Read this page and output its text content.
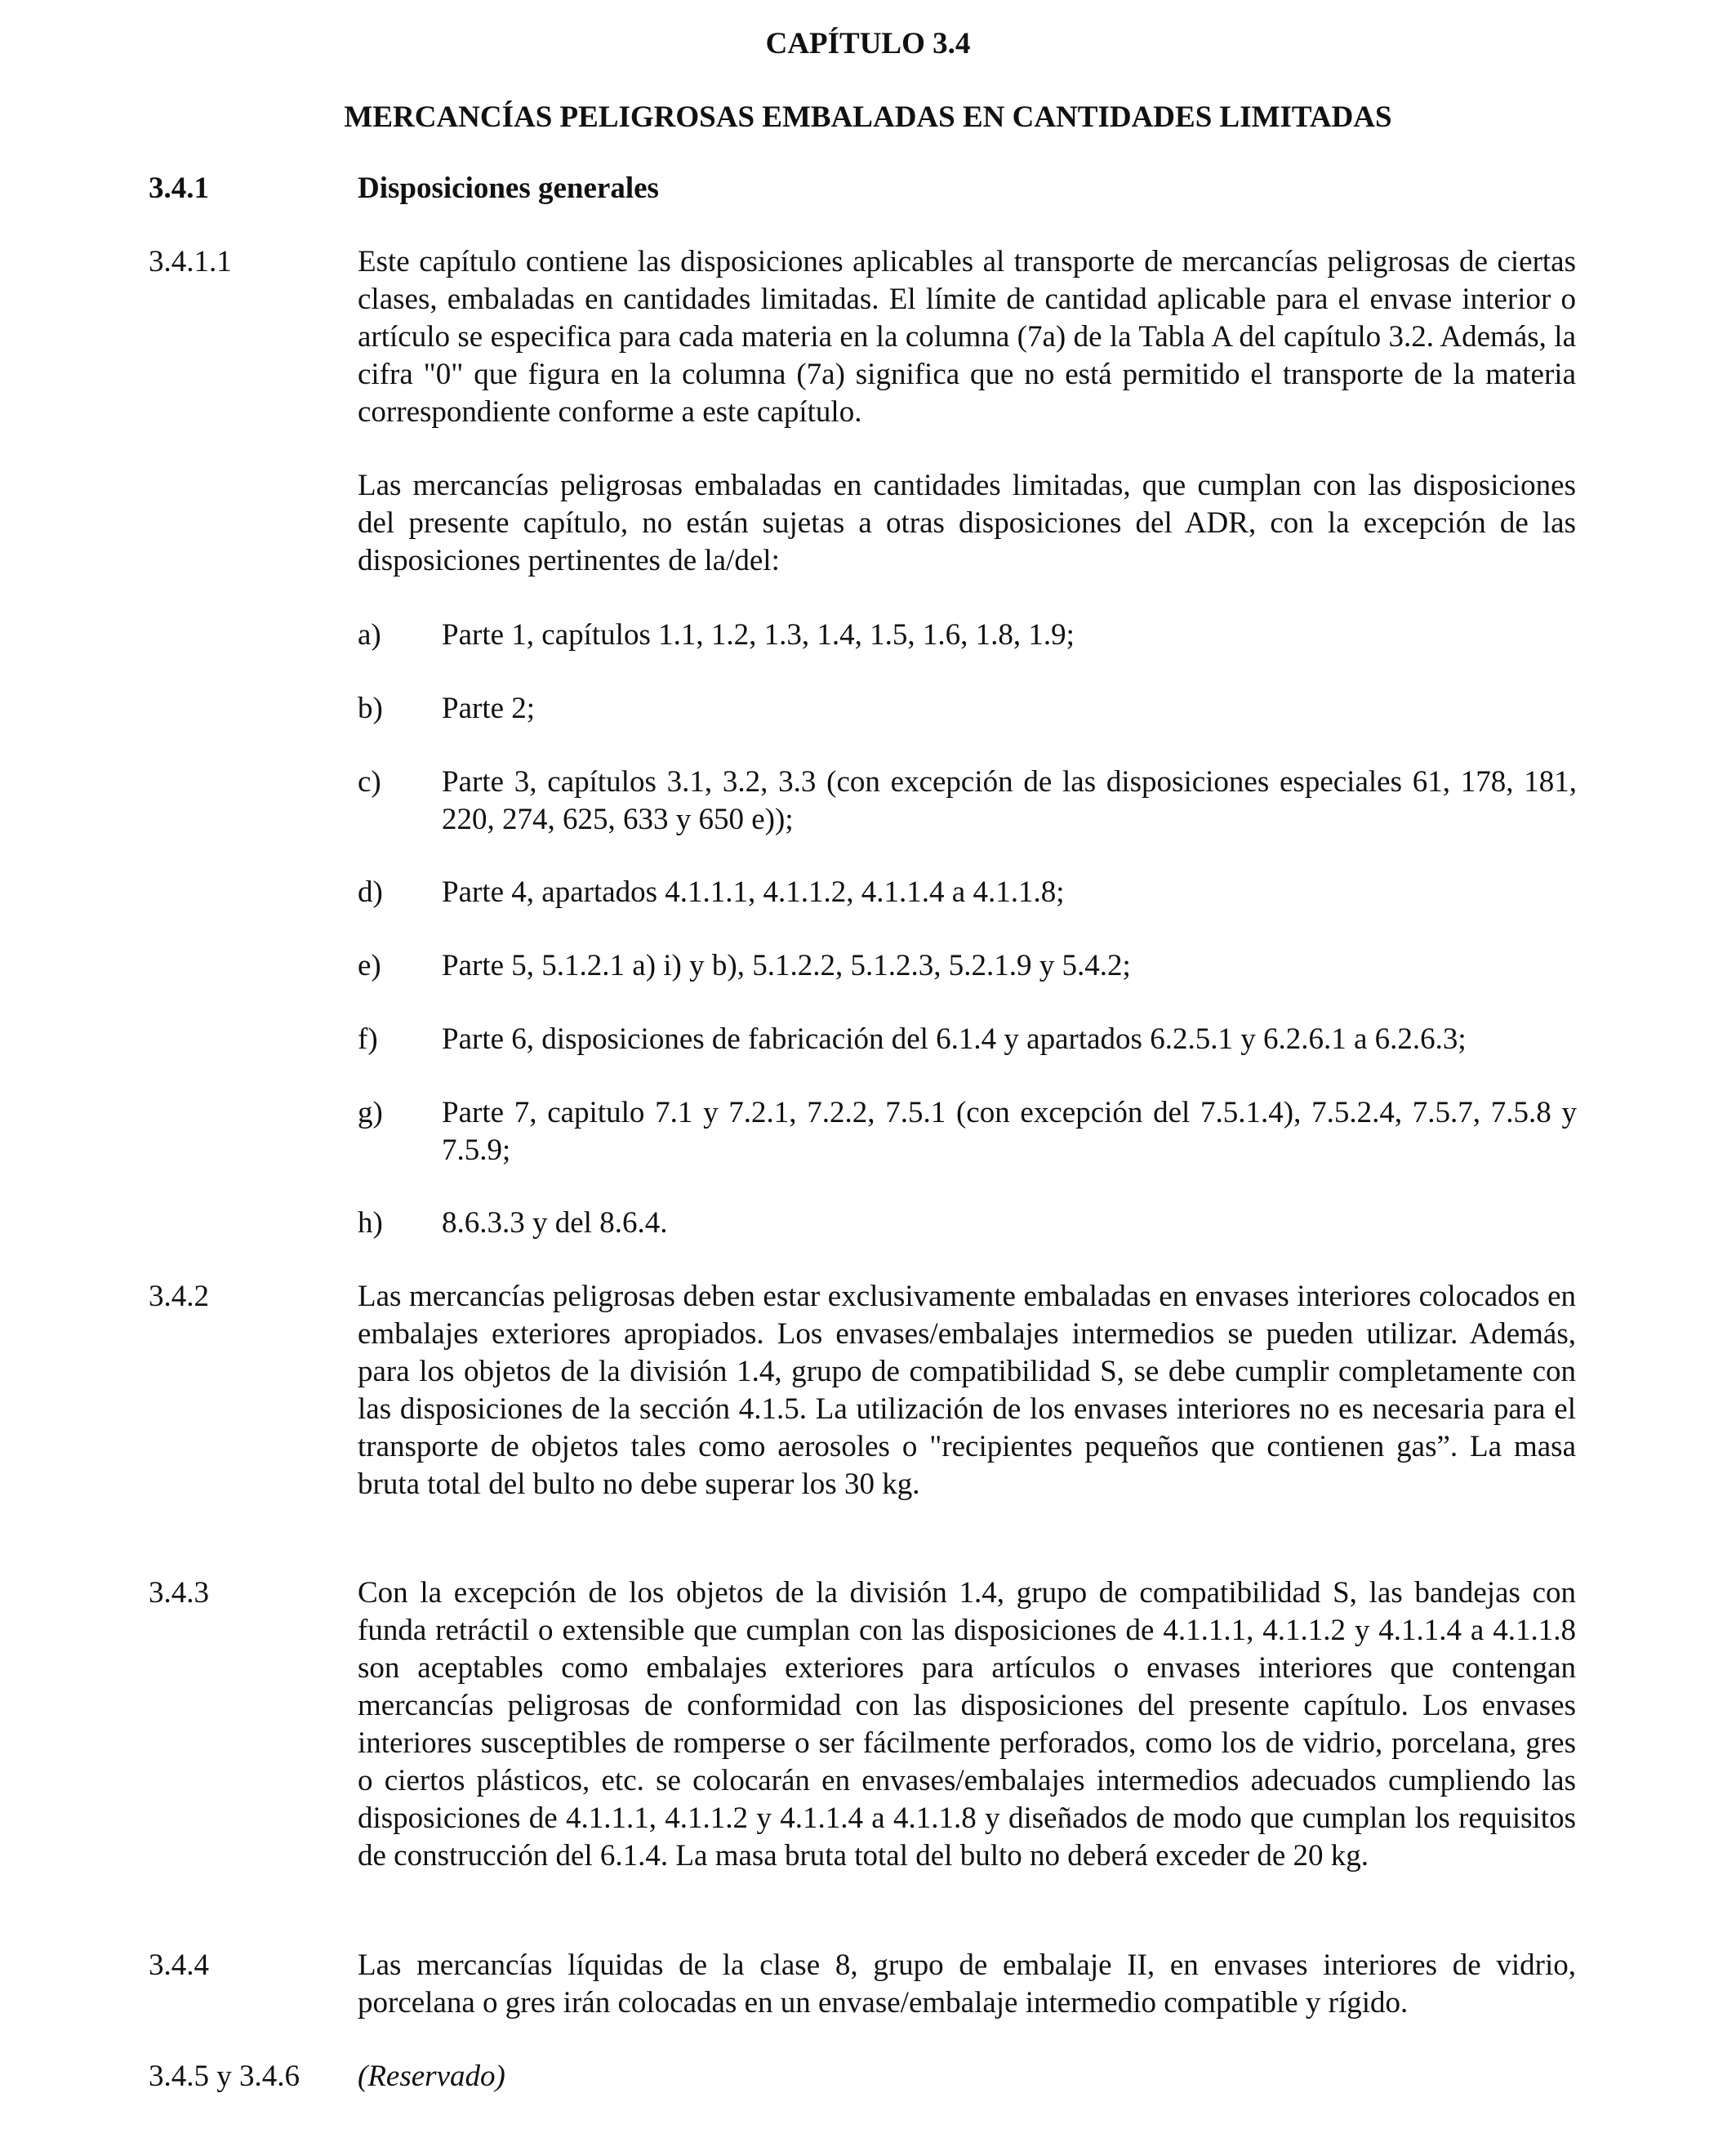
CAPÍTULO 3.4
MERCANCÍAS PELIGROSAS EMBALADAS EN CANTIDADES LIMITADAS
3.4.1	Disposiciones generales
3.4.1.1	Este capítulo contiene las disposiciones aplicables al transporte de mercancías peligrosas de ciertas clases, embaladas en cantidades limitadas. El límite de cantidad aplicable para el envase interior o artículo se especifica para cada materia en la columna (7a) de la Tabla A del capítulo 3.2. Además, la cifra "0" que figura en la columna (7a) significa que no está permitido el transporte de la materia correspondiente conforme a este capítulo.

Las mercancías peligrosas embaladas en cantidades limitadas, que cumplan con las disposiciones del presente capítulo, no están sujetas a otras disposiciones del ADR, con la excepción de las disposiciones pertinentes de la/del:

a)	Parte 1, capítulos 1.1, 1.2, 1.3, 1.4, 1.5, 1.6, 1.8, 1.9;
b)	Parte 2;
c)	Parte 3, capítulos 3.1, 3.2, 3.3 (con excepción de las disposiciones especiales 61, 178, 181, 220, 274, 625, 633 y 650 e));
d)	Parte 4, apartados 4.1.1.1, 4.1.1.2, 4.1.1.4 a 4.1.1.8;
e)	Parte 5, 5.1.2.1 a) i) y b), 5.1.2.2, 5.1.2.3, 5.2.1.9 y 5.4.2;
f)	Parte 6, disposiciones de fabricación del 6.1.4 y apartados 6.2.5.1 y 6.2.6.1 a 6.2.6.3;
g)	Parte 7, capitulo 7.1 y 7.2.1, 7.2.2, 7.5.1 (con excepción del 7.5.1.4), 7.5.2.4, 7.5.7, 7.5.8 y 7.5.9;
h)	8.6.3.3 y del 8.6.4.
3.4.2	Las mercancías peligrosas deben estar exclusivamente embaladas en envases interiores colocados en embalajes exteriores apropiados. Los envases/embalajes intermedios se pueden utilizar. Además, para los objetos de la división 1.4, grupo de compatibilidad S, se debe cumplir completamente con las disposiciones de la sección 4.1.5. La utilización de los envases interiores no es necesaria para el transporte de objetos tales como aerosoles o "recipientes pequeños que contienen gas”. La masa bruta total del bulto no debe superar los 30 kg.

3.4.3	Con la excepción de los objetos de la división 1.4, grupo de compatibilidad S, las bandejas con funda retráctil o extensible que cumplan con las disposiciones de 4.1.1.1, 4.1.1.2 y 4.1.1.4 a 4.1.1.8 son aceptables como embalajes exteriores para artículos o envases interiores que contengan mercancías peligrosas de conformidad con las disposiciones del presente capítulo. Los envases interiores susceptibles de romperse o ser fácilmente perforados, como los de vidrio, porcelana, gres o ciertos plásticos, etc. se colocarán en envases/embalajes intermedios adecuados cumpliendo las disposiciones de 4.1.1.1, 4.1.1.2 y 4.1.1.4 a 4.1.1.8 y diseñados de modo que cumplan los requisitos de construcción del 6.1.4. La masa bruta total del bulto no deberá exceder de 20 kg.

3.4.4	Las mercancías líquidas de la clase 8, grupo de embalaje II, en envases interiores de vidrio, porcelana o gres irán colocadas en un envase/embalaje intermedio compatible y rígido.

3.4.5 y 3.4.6	(Reservado)
